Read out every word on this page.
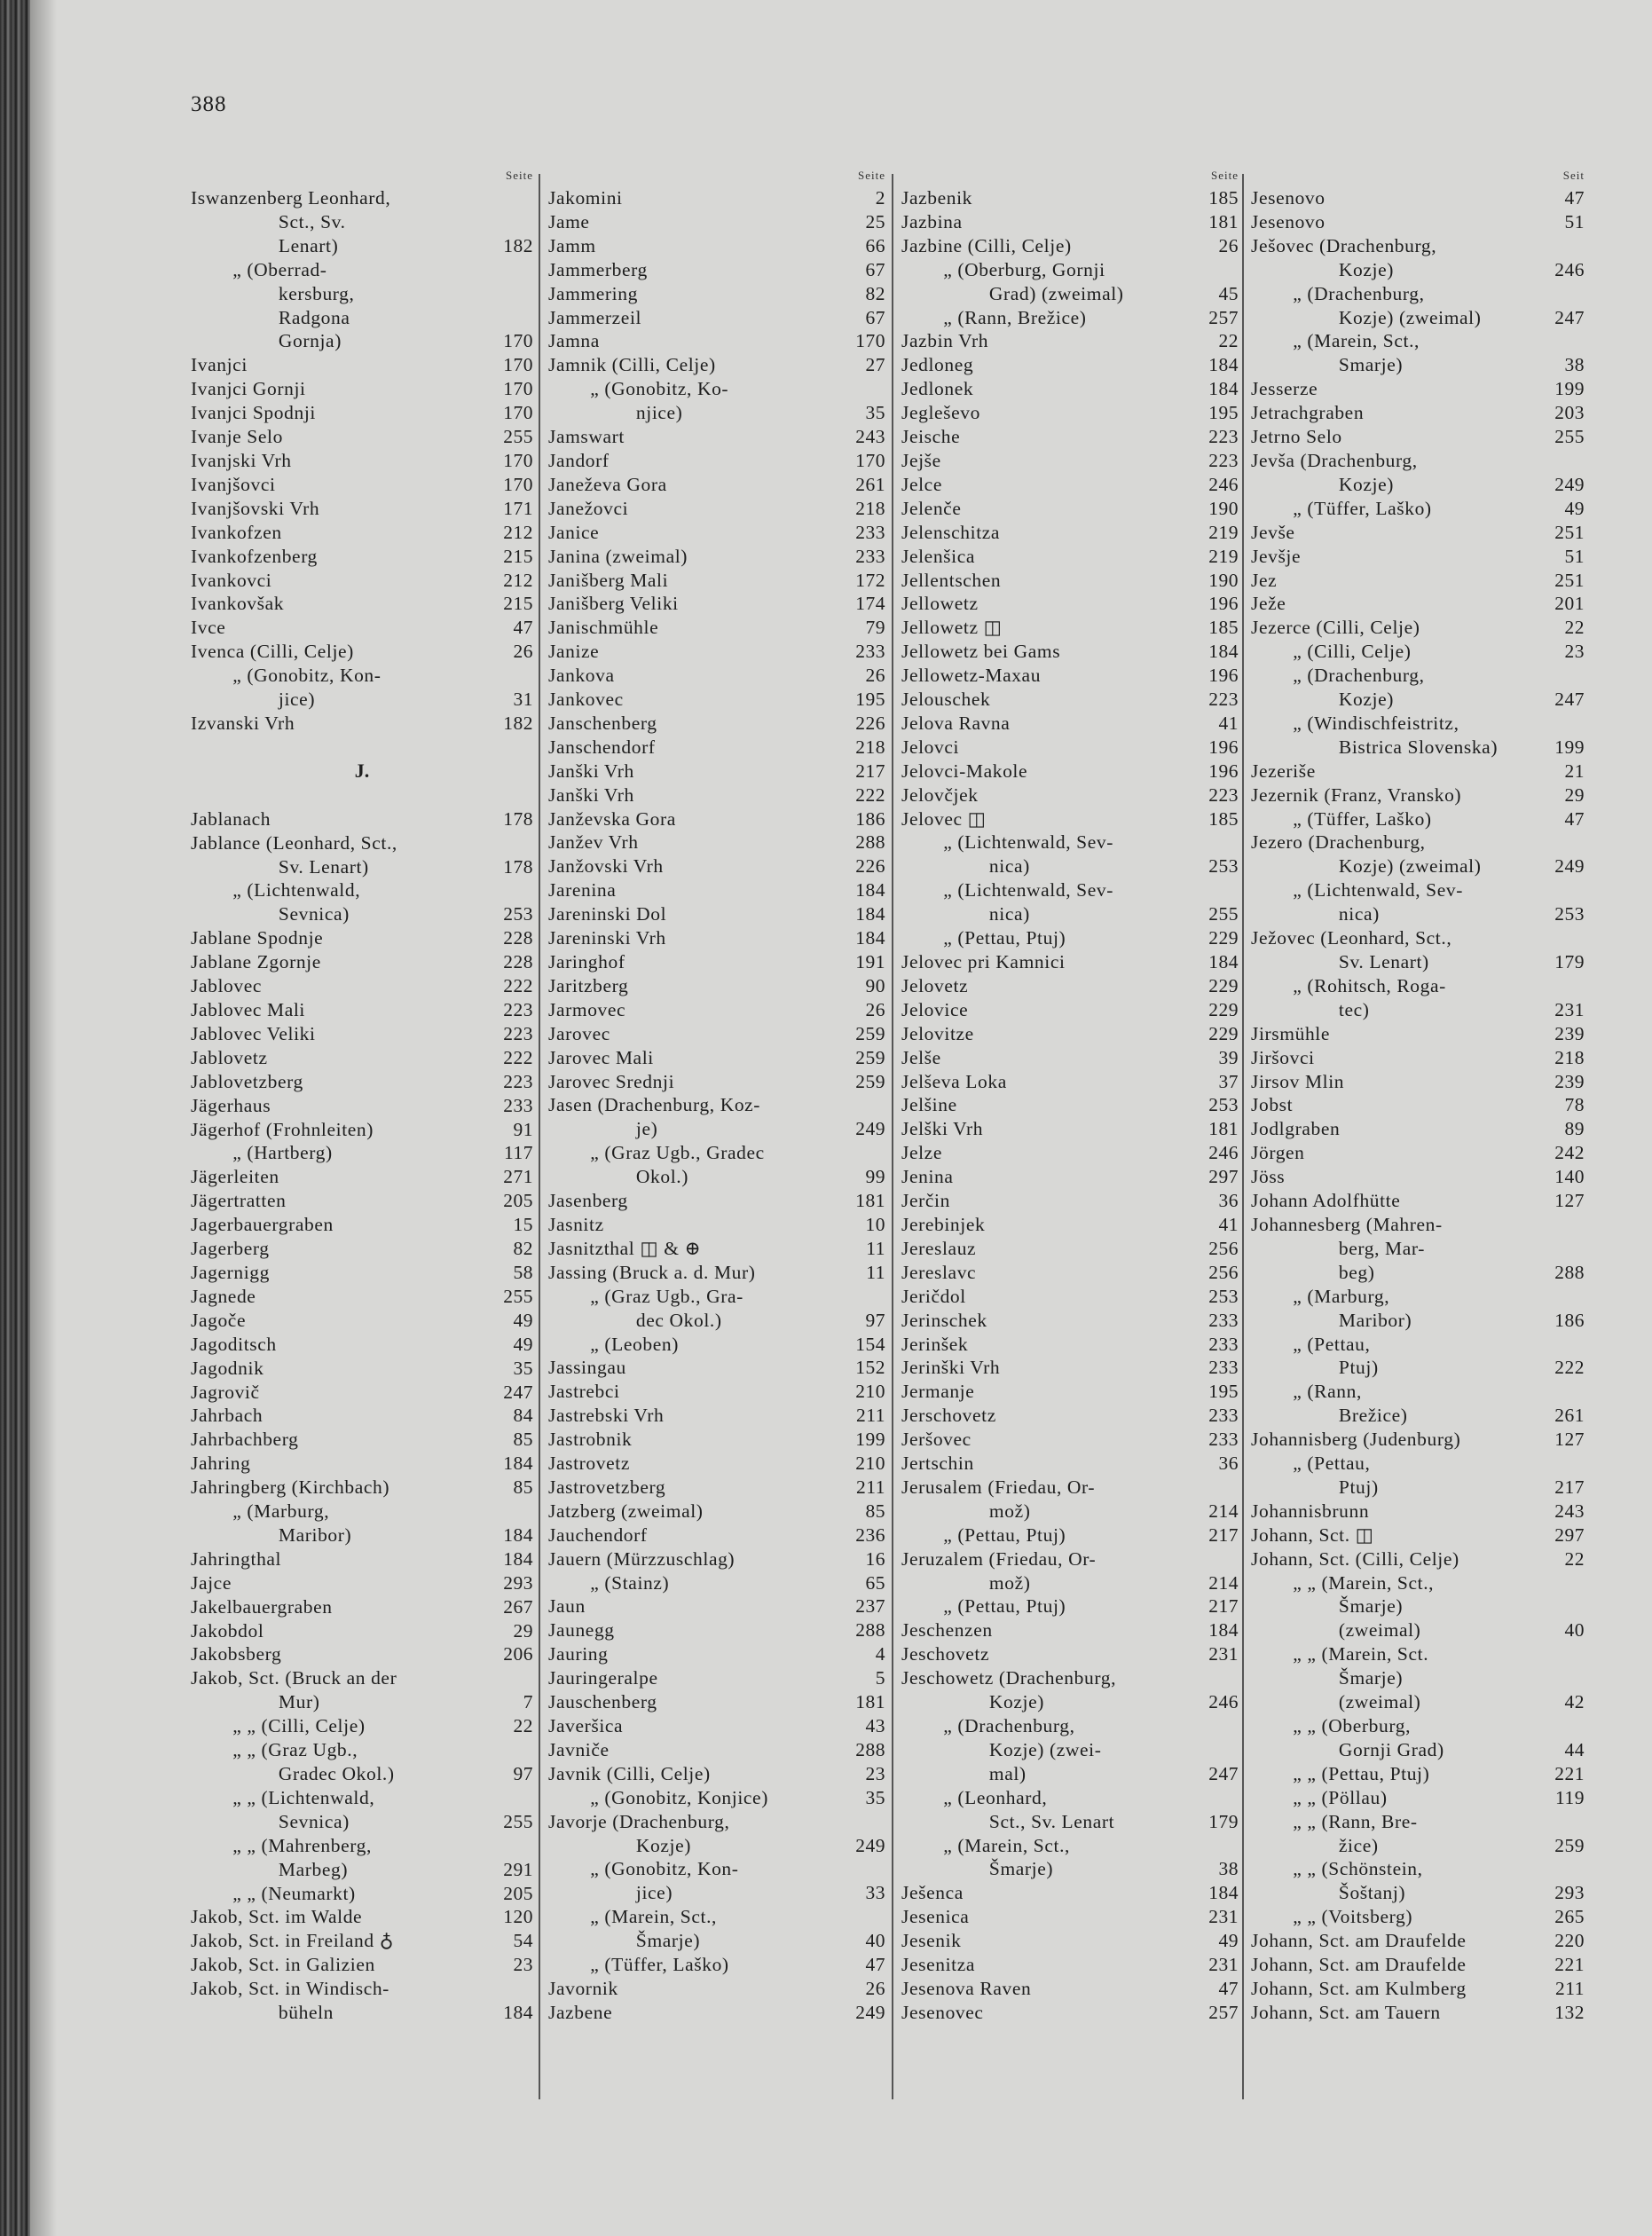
388
Seite
Iswanzenberg Leonhard,
Sct., Sv.
Lenart)	182
„ (Oberrad-
kersburg,
Radgona
Gornja)	170
Ivanjci	170
Ivanjci Gornji	170
Ivanjci Spodnji	170
Ivanje Selo	255
Ivanjski Vrh	170
Ivanjšovci	170
Ivanjšovski Vrh	171
Ivankofzen	212
Ivankofzenberg	215
Ivankovci	212
Ivankovšak	215
Ivce	47
Ivenca (Cilli, Celje)	26
„ (Gonobitz, Kon-
jice)	31
Izvanski Vrh	182
J.
Jablanach	178
Jablance (Leonhard, Sct.,
Sv. Lenart)	178
„ (Lichtenwald,
Sevnica)	253
Jablane Spodnje	228
Jablane Zgornje	228
Jablovec	222
Jablovec Mali	223
Jablovec Veliki	223
Jablovetz	222
Jablovetzberg	223
Jägerhaus	233
Jägerhof (Frohnleiten)	91
„ (Hartberg)	117
Jägerleiten	271
Jägertratten	205
Jagerbauergraben	15
Jagerberg	82
Jagernigg	58
Jagnede	255
Jagoče	49
Jagoditsch	49
Jagodnik	35
Jagrovič	247
Jahrbach	84
Jahrbachberg	85
Jahring	184
Jahringberg (Kirchbach)	85
„ (Marburg,
Maribor)	184
Jahringthal	184
Jajce	293
Jakelbauergraben	267
Jakobdol	29
Jakobsberg	206
Jakob, Sct. (Bruck an der
Mur)	7
„ „ (Cilli, Celje)	22
„ „ (Graz Ugb.,
Gradec Okol.)	97
„ „ (Lichtenwald,
Sevnica)	255
„ „ (Mahrenberg,
Marbeg)	291
„ „ (Neumarkt)	205
Jakob, Sct. im Walde	120
Jakob, Sct. in Freiland ♁	54
Jakob, Sct. in Galizien	23
Jakob, Sct. in Windisch-
büheln	184
Seite
Jakomini	2
Jame	25
Jamm	66
Jammerberg	67
Jammering	82
Jammerzeil	67
Jamna	170
Jamnik (Cilli, Celje)	27
„ (Gonobitz, Ko-
njice)	35
Jamswart	243
Jandorf	170
Janeževa Gora	261
Janežovci	218
Janice	233
Janina (zweimal)	233
Janišberg Mali	172
Janišberg Veliki	174
Janischmühle	79
Janize	233
Jankova	26
Jankovec	195
Janschenberg	226
Janschendorf	218
Janški Vrh	217
Janški Vrh	222
Janževska Gora	186
Janžev Vrh	288
Janžovski Vrh	226
Jarenina	184
Jareninski Dol	184
Jareninski Vrh	184
Jaringhof	191
Jaritzberg	90
Jarmovec	26
Jarovec	259
Jarovec Mali	259
Jarovec Srednji	259
Jasen (Drachenburg, Koz-
je)	249
„ (Graz Ugb., Gradec
Okol.)	99
Jasenberg	181
Jasnitz	10
Jasnitzthal ◫ & ⊕	11
Jassing (Bruck a. d. Mur)	11
„ (Graz Ugb., Gra-
dec Okol.)	97
„ (Leoben)	154
Jassingau	152
Jastrebci	210
Jastrebski Vrh	211
Jastrobnik	199
Jastrovetz	210
Jastrovetzberg	211
Jatzberg (zweimal)	85
Jauchendorf	236
Jauern (Mürzzuschlag)	16
„ (Stainz)	65
Jaun	237
Jaunegg	288
Jauring	4
Jauringeralpe	5
Jauschenberg	181
Javeršica	43
Javniče	288
Javnik (Cilli, Celje)	23
„ (Gonobitz, Konjice)	35
Javorje (Drachenburg,
Kozje)	249
„ (Gonobitz, Kon-
jice)	33
„ (Marein, Sct.,
Šmarje)	40
„ (Tüffer, Laško)	47
Javornik	26
Jazbene	249
Seite
Jazbenik	185
Jazbina	181
Jazbine (Cilli, Celje)	26
„ (Oberburg, Gornji
Grad) (zweimal)	45
„ (Rann, Brežice)	257
Jazbin Vrh	22
Jedloneg	184
Jedlonek	184
Jegleševo	195
Jeische	223
Jejše	223
Jelce	246
Jelenče	190
Jelenschitza	219
Jelenšica	219
Jellentschen	190
Jellowetz	196
Jellowetz ◫	185
Jellowetz bei Gams	184
Jellowetz-Maxau	196
Jelouschek	223
Jelova Ravna	41
Jelovci	196
Jelovci-Makole	196
Jelovčjek	223
Jelovec ◫	185
„ (Lichtenwald, Sev-
nica)	253
„ (Lichtenwald, Sev-
nica)	255
„ (Pettau, Ptuj)	229
Jelovec pri Kamnici	184
Jelovetz	229
Jelovice	229
Jelovitze	229
Jelše	39
Jelševa Loka	37
Jelšine	253
Jelški Vrh	181
Jelze	246
Jenina	297
Jerčin	36
Jerebinjek	41
Jereslauz	256
Jereslavc	256
Jeričdol	253
Jerinschek	233
Jerinšek	233
Jerinški Vrh	233
Jermanje	195
Jerschovetz	233
Jeršovec	233
Jertschin	36
Jerusalem (Friedau, Or-
mož)	214
„ (Pettau, Ptuj)	217
Jeruzalem (Friedau, Or-
mož)	214
„ (Pettau, Ptuj)	217
Jeschenzen	184
Jeschovetz	231
Jeschowetz (Drachenburg,
Kozje)	246
„ (Drachenburg,
Kozje) (zwei-
mal)	247
„ (Leonhard,
Sct., Sv. Lenart	179
„ (Marein, Sct.,
Šmarje)	38
Ješenca	184
Jesenica	231
Jesenik	49
Jesenitza	231
Jesenova Raven	47
Jesenovec	257
Seit
Jesenovo	47
Jesenovo	51
Ješovec (Drachenburg,
Kozje)	246
„ (Drachenburg,
Kozje) (zweimal)	247
„ (Marein, Sct.,
Smarje)	38
Jesserze	199
Jetrachgraben	203
Jetrno Selo	255
Jevša (Drachenburg,
Kozje)	249
„ (Tüffer, Laško)	49
Jevše	251
Jevšje	51
Jez	251
Ježe	201
Jezerce (Cilli, Celje)	22
„ (Cilli, Celje)	23
„ (Drachenburg,
Kozje)	247
„ (Windischfeistritz,
Bistrica Slovenska)	199
Jezeriše	21
Jezernik (Franz, Vransko)	29
„ (Tüffer, Laško)	47
Jezero (Drachenburg,
Kozje) (zweimal)	249
„ (Lichtenwald, Sev-
nica)	253
Ježovec (Leonhard, Sct.,
Sv. Lenart)	179
„ (Rohitsch, Roga-
tec)	231
Jirsmühle	239
Jiršovci	218
Jirsov Mlin	239
Jobst	78
Jodlgraben	89
Jörgen	242
Jöss	140
Johann Adolfhütte	127
Johannesberg (Mahren-
berg, Mar-
beg)	288
„ (Marburg,
Maribor)	186
„ (Pettau,
Ptuj)	222
„ (Rann,
Brežice)	261
Johannisberg (Judenburg)	127
„ (Pettau,
Ptuj)	217
Johannisbrunn	243
Johann, Sct. ◫	297
Johann, Sct. (Cilli, Celje)	22
„ „ (Marein, Sct.,
Šmarje)
(zweimal)	40
„ „ (Marein, Sct.
Šmarje)
(zweimal)	42
„ „ (Oberburg,
Gornji Grad)	44
„ „ (Pettau, Ptuj)	221
„ „ (Pöllau)	119
„ „ (Rann, Bre-
žice)	259
„ „ (Schönstein,
Šoštanj)	293
„ „ (Voitsberg)	265
Johann, Sct. am Draufelde	220
Johann, Sct. am Draufelde	221
Johann, Sct. am Kulmberg	211
Johann, Sct. am Tauern	132
